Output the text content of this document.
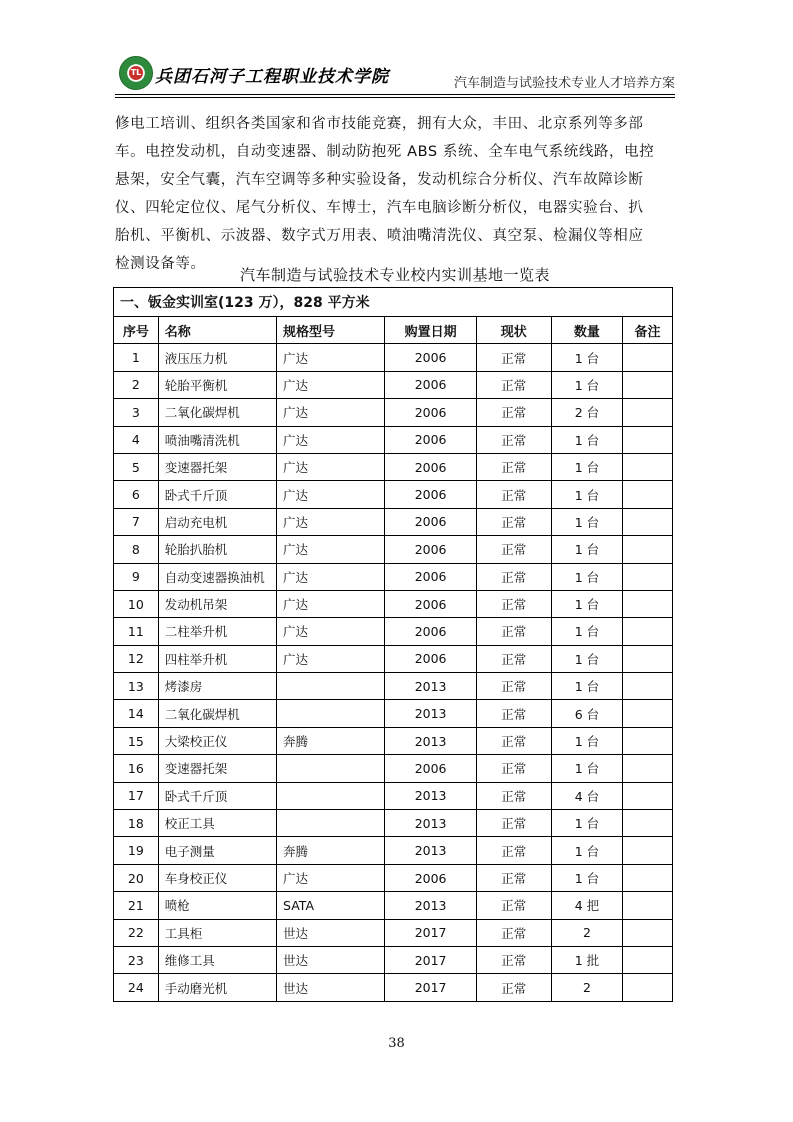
TL 兵团石河子工程职业技术学院	汽车制造与试验技术专业人才培养方案
修电工培训、组织各类国家和省市技能竞赛，拥有大众，丰田、北京系列等多部
车。电控发动机，自动变速器、制动防抱死 ABS 系统、全车电气系统线路，电控
悬架，安全气囊，汽车空调等多种实验设备，发动机综合分析仪、汽车故障诊断
仪、四轮定位仪、尾气分析仪、车博士，汽车电脑诊断分析仪，电器实验台、扒
胎机、平衡机、示波器、数字式万用表、喷油嘴清洗仪、真空泵、检漏仪等相应
检测设备等。
汽车制造与试验技术专业校内实训基地一览表
一、钣金实训室(123 万），828 平方米						
序号	名称	规格型号	购置日期	现状	数量	备注
1	液压压力机	广达	2006	正常	1 台	
2	轮胎平衡机	广达	2006	正常	1 台	
3	二氧化碳焊机	广达	2006	正常	2 台	
4	喷油嘴清洗机	广达	2006	正常	1 台	
5	变速器托架	广达	2006	正常	1 台	
6	卧式千斤顶	广达	2006	正常	1 台	
7	启动充电机	广达	2006	正常	1 台	
8	轮胎扒胎机	广达	2006	正常	1 台	
9	自动变速器换油机	广达	2006	正常	1 台	
10	发动机吊架	广达	2006	正常	1 台	
11	二柱举升机	广达	2006	正常	1 台	
12	四柱举升机	广达	2006	正常	1 台	
13	烤漆房		2013	正常	1 台	
14	二氧化碳焊机		2013	正常	6 台	
15	大梁校正仪	奔腾	2013	正常	1 台	
16	变速器托架		2006	正常	1 台	
17	卧式千斤顶		2013	正常	4 台	
18	校正工具		2013	正常	1 台	
19	电子测量	奔腾	2013	正常	1 台	
20	车身校正仪	广达	2006	正常	1 台	
21	喷枪	SATA	2013	正常	4 把	
22	工具柜	世达	2017	正常	2	
23	维修工具	世达	2017	正常	1 批	
24	手动磨光机	世达	2017	正常	2	
38
